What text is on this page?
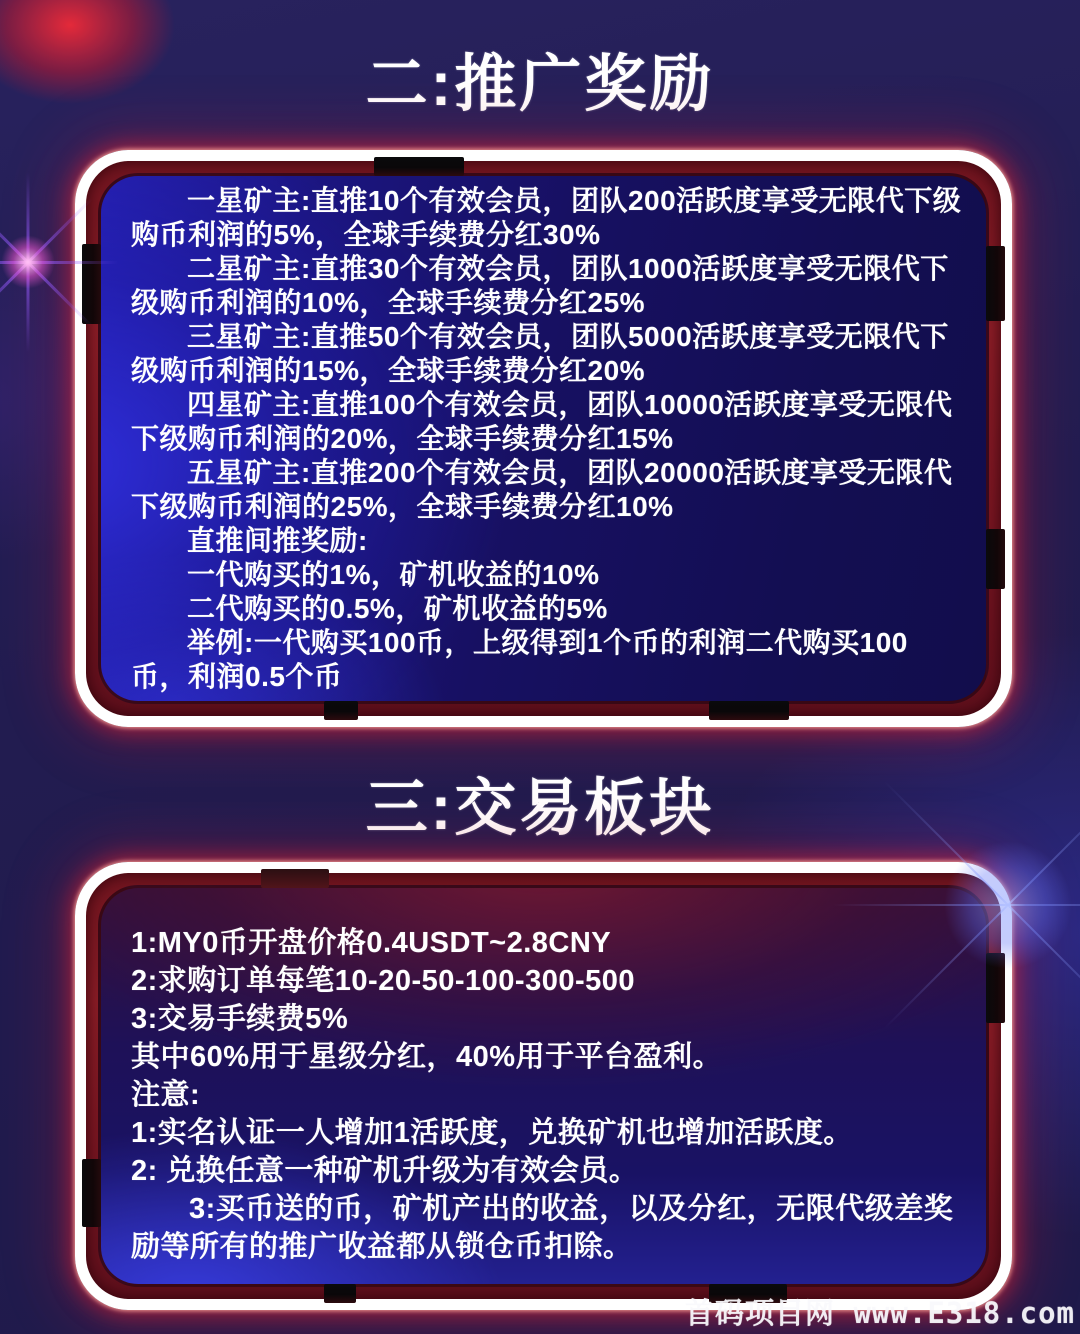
二:推广奖励

一星矿主:直推10个有效会员，团队200活跃度享受无限代下级购币利润的5%，全球手续费分红30%

二星矿主:直推30个有效会员，团队1000活跃度享受无限代下级购币利润的10%，全球手续费分红25%

三星矿主:直推50个有效会员，团队5000活跃度享受无限代下级购币利润的15%，全球手续费分红20%

四星矿主:直推100个有效会员，团队10000活跃度享受无限代下级购币利润的20%，全球手续费分红15%

五星矿主:直推200个有效会员，团队20000活跃度享受无限代下级购币利润的25%，全球手续费分红10%

直推间推奖励:

一代购买的1%，矿机收益的10%

二代购买的0.5%，矿机收益的5%

举例:一代购买100币，上级得到1个币的利润二代购买100币，利润0.5个币

三:交易板块

1:MY0币开盘价格0.4USDT~2.8CNY

2:求购订单每笔10-20-50-100-300-500

3:交易手续费5%

其中60%用于星级分红，40%用于平台盈利。

注意:

1:实名认证一人增加1活跃度，兑换矿机也增加活跃度。

2: 兑换任意一种矿机升级为有效会员。

3:买币送的币，矿机产出的收益，以及分红，无限代级差奖励等所有的推广收益都从锁仓币扣除。

首码项目网 www.E318.com
